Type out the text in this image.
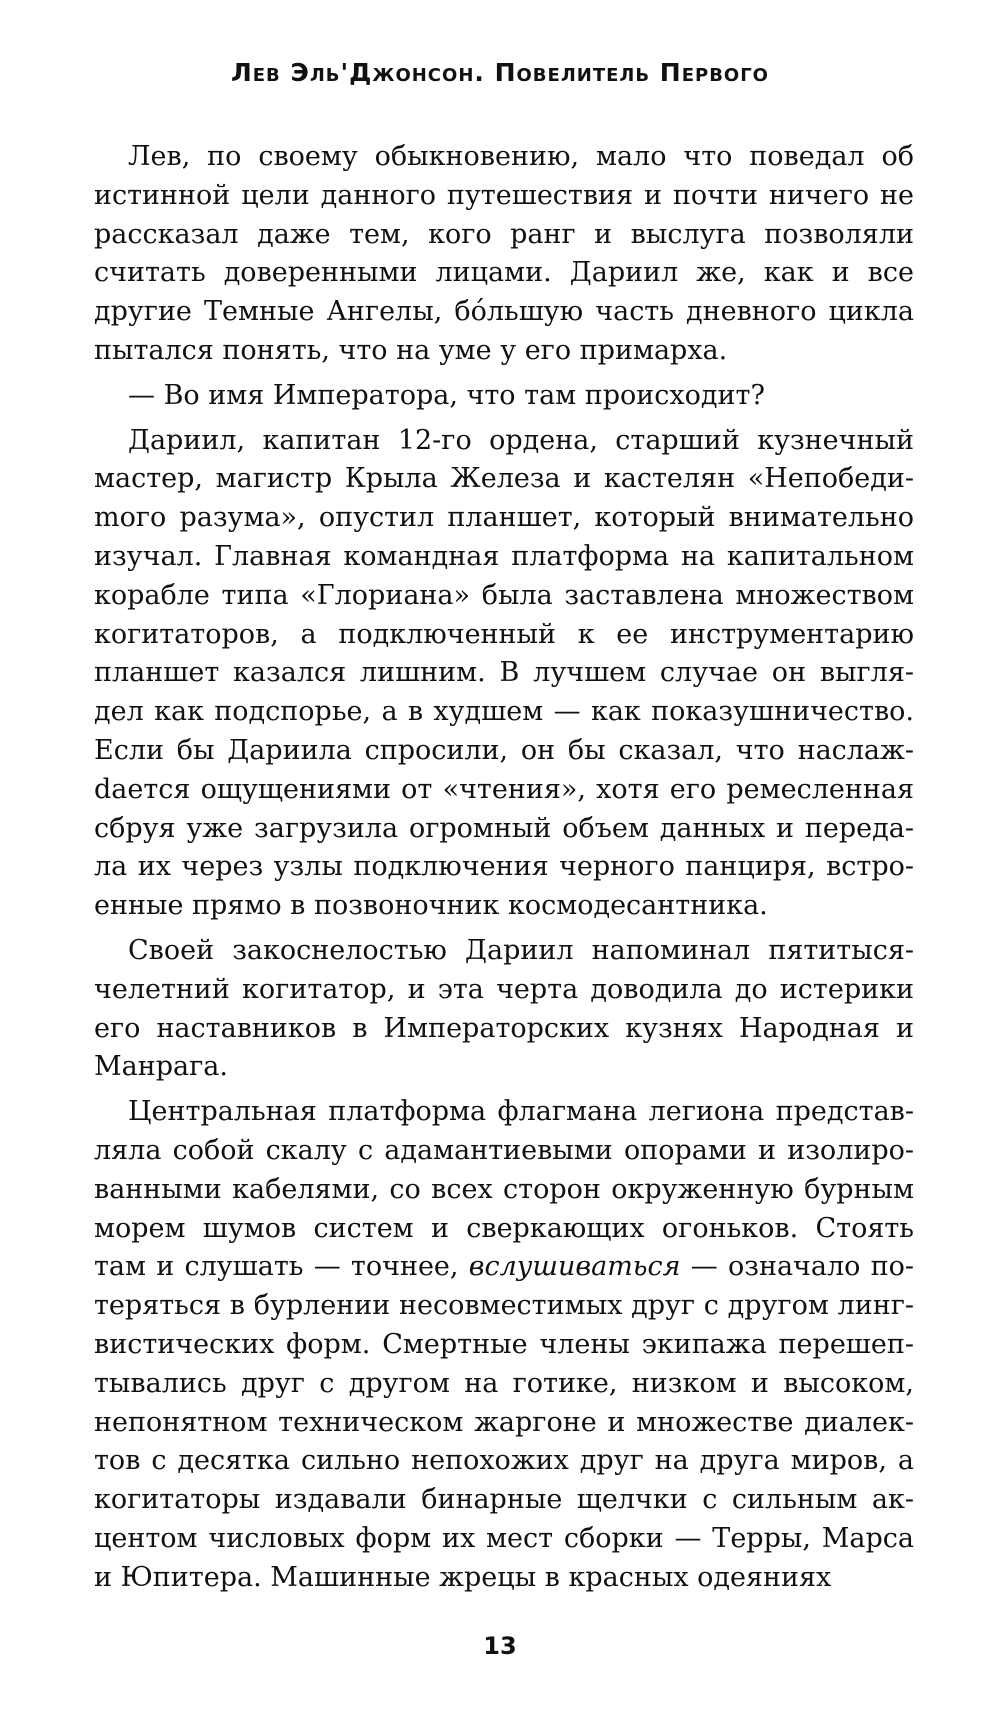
Лев Эль'Джонсон. Повелитель Первого

Лев, по своему обыкновению, мало что поведал об истинной цели данного путешествия и почти ничего не рассказал даже тем, кого ранг и выслуга позволяли считать доверенными лицами. Дариил же, как и все другие Темные Ангелы, бо́льшую часть дневного цикла пытался понять, что на уме у его примарха.

— Во имя Императора, что там происходит?

Дариил, капитан 12-го ордена, старший кузнечный мастер, магистр Крыла Железа и кастелян «Непобедиmого разума», опустил планшет, который внимательно изучал. Главная командная платформа на капитальном корабле типа «Глориана» была заставлена множеством когитаторов, а подключенный к ее инструментарию планшет казался лишним. В лучшем случае он выглядел как подспорье, а в худшем — как показушничество. Если бы Дариила спросили, он бы сказал, что наслажdается ощущениями от «чтения», хотя его ремесленная сбруя уже загрузила огромный объем данных и передала их через узлы подключения черного панциря, встроенные прямо в позвоночник космодесантника.

Своей закоснелостью Дариил напоминал пятитысячелетний когитатор, и эта черта доводила до истерики его наставников в Императорских кузнях Народная и Манрага.

Центральная платформа флагмана легиона представляла собой скалу с адамантиевыми опорами и изолированными кабелями, со всех сторон окруженную бурным морем шумов систем и сверкающих огоньков. Стоять там и слушать — точнее, вслушиваться — означало потеряться в бурлении несовместимых друг с другом лингвистических форм. Смертные члены экипажа перешептывались друг с другом на готике, низком и высоком, непонятном техническом жаргоне и множестве диалектов с десятка сильно непохожих друг на друга миров, а когитаторы издавали бинарные щелчки с сильным акцентом числовых форм их мест сборки — Терры, Марса и Юпитера. Машинные жрецы в красных одеяниях

13
